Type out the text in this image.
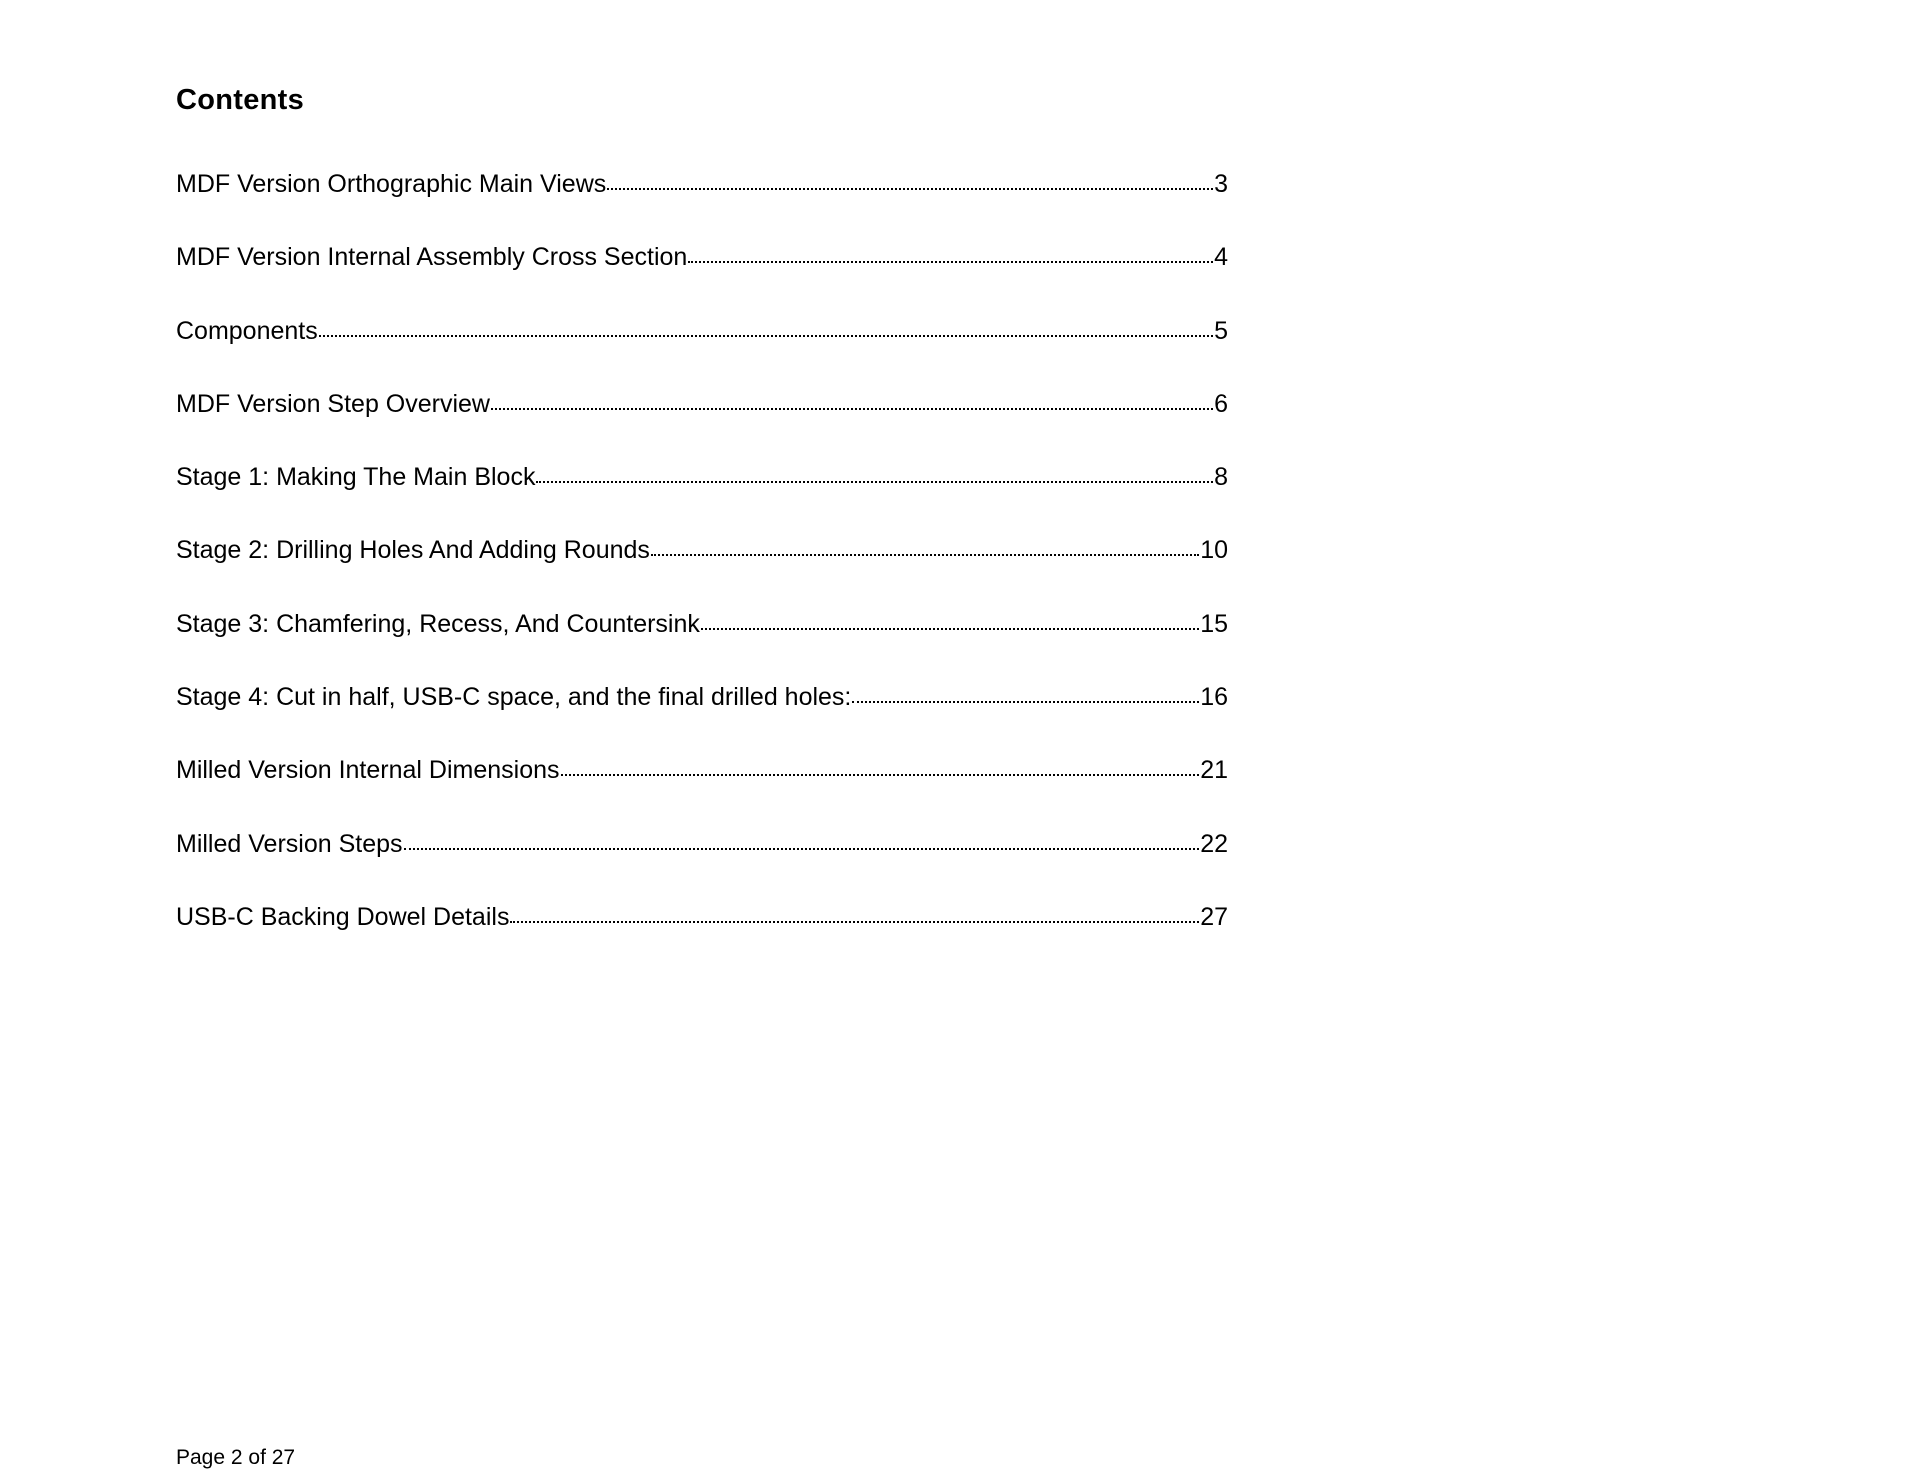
Contents
MDF Version Orthographic Main Views	3
MDF Version Internal Assembly Cross Section	4
Components	5
MDF Version Step Overview	6
Stage 1: Making The Main Block	8
Stage 2: Drilling Holes And Adding Rounds	10
Stage 3: Chamfering, Recess, And Countersink	15
Stage 4: Cut in half, USB-C space, and the final drilled holes:	16
Milled Version Internal Dimensions	21
Milled Version Steps	22
USB-C Backing Dowel Details	27

Page 2 of 27
